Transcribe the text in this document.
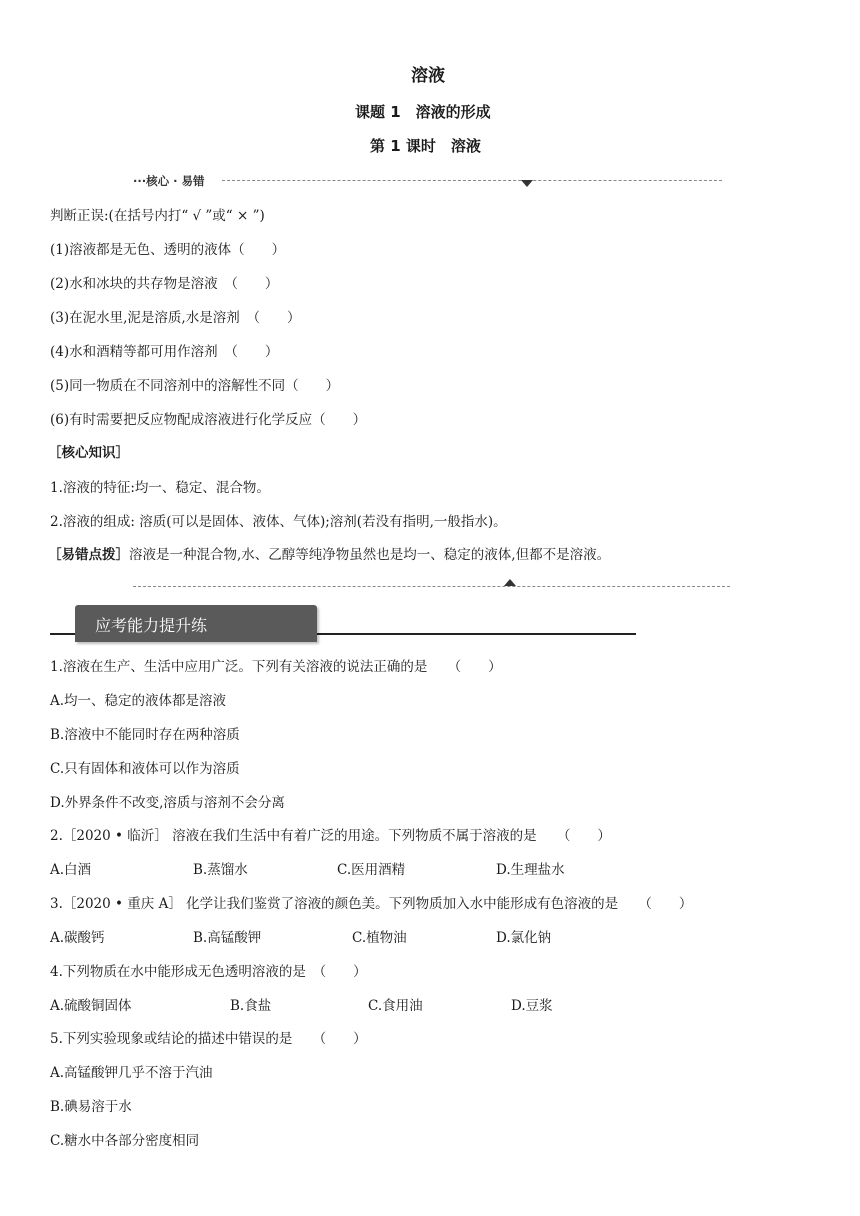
溶液
课题 1　溶液的形成
第 1 课时　溶液
···核心 · 易错
判断正误:(在括号内打“ √ ”或“ × ”)
(1)溶液都是无色、透明的液体（　　）
(2)水和冰块的共存物是溶液　（　　）
(3)在泥水里,泥是溶质,水是溶剂　（　　）
(4)水和酒精等都可用作溶剂　（　　）
(5)同一物质在不同溶剂中的溶解性不同（　　）
(6)有时需要把反应物配成溶液进行化学反应（　　）
［核心知识］
1.溶液的特征:均一、稳定、混合物。
2.溶液的组成: 溶质(可以是固体、液体、气体);溶剂(若没有指明,一般指水)。
［易错点拨］溶液是一种混合物,水、乙醇等纯净物虽然也是均一、稳定的液体,但都不是溶液。
应考能力提升练
1.溶液在生产、生活中应用广泛。下列有关溶液的说法正确的是　　（　　）
A.均一、稳定的液体都是溶液
B.溶液中不能同时存在两种溶质
C.只有固体和液体可以作为溶质
D.外界条件不改变,溶质与溶剂不会分离
2.［2020 • 临沂］ 溶液在我们生活中有着广泛的用途。下列物质不属于溶液的是　　（　　）
A.白酒	B.蒸馏水	C.医用酒精	D.生理盐水
3.［2020 • 重庆 A］ 化学让我们鉴赏了溶液的颜色美。下列物质加入水中能形成有色溶液的是　　（　　）
A.碳酸钙	B.高锰酸钾	C.植物油	D.氯化钠
4.下列物质在水中能形成无色透明溶液的是　（　　）
A.硫酸铜固体	B.食盐	C.食用油	D.豆浆
5.下列实验现象或结论的描述中错误的是　　（　　）
A.高锰酸钾几乎不溶于汽油
B.碘易溶于水
C.糖水中各部分密度相同
